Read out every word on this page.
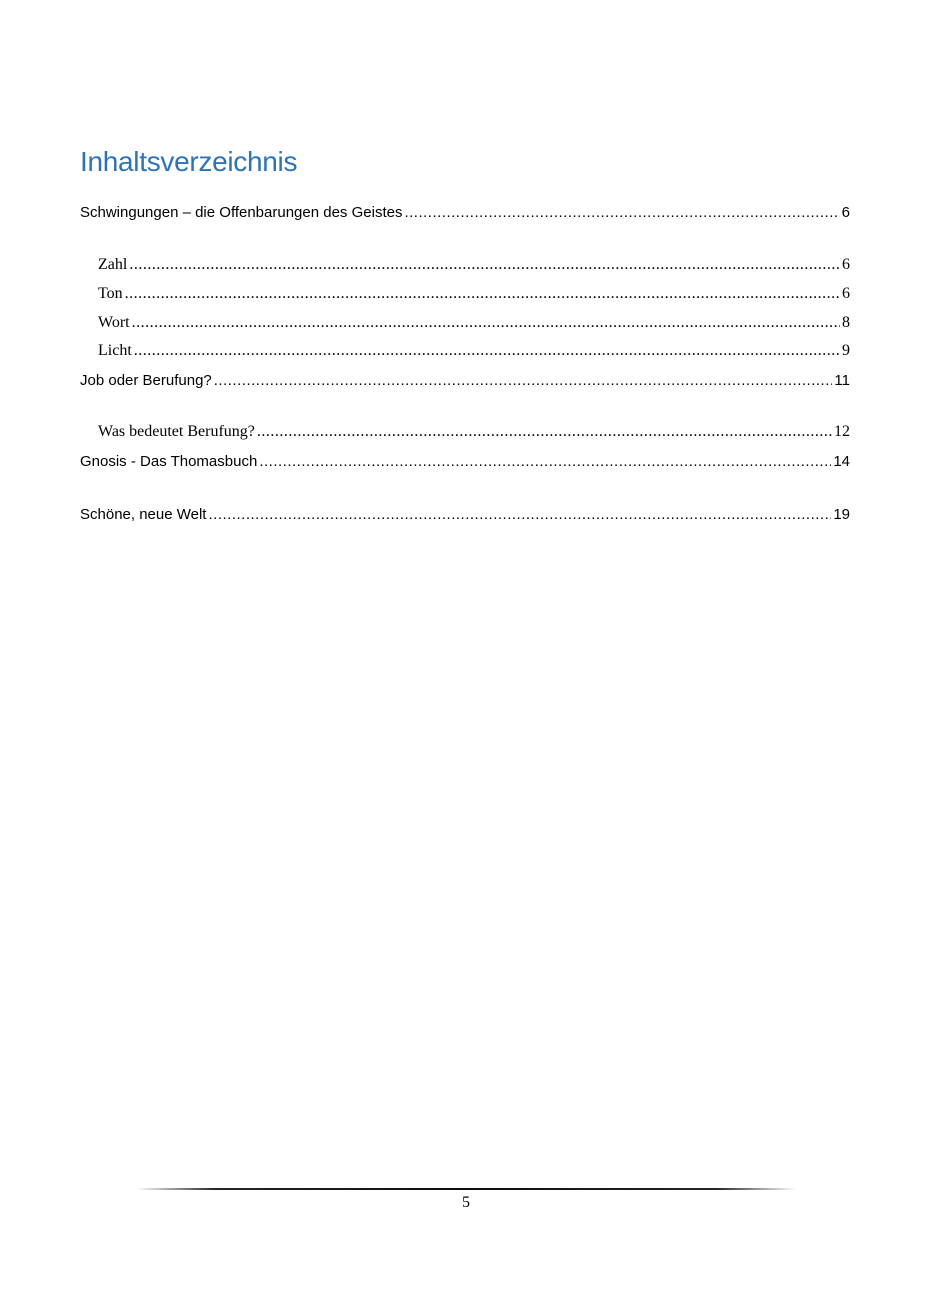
Inhaltsverzeichnis
Schwingungen – die Offenbarungen des Geistes .....	6
Zahl .....	6
Ton .....	6
Wort .....	8
Licht .....	9
Job oder Berufung? .....	11
Was bedeutet Berufung? .....	12
Gnosis - Das Thomasbuch .....	14
Schöne, neue Welt .....	19
5
